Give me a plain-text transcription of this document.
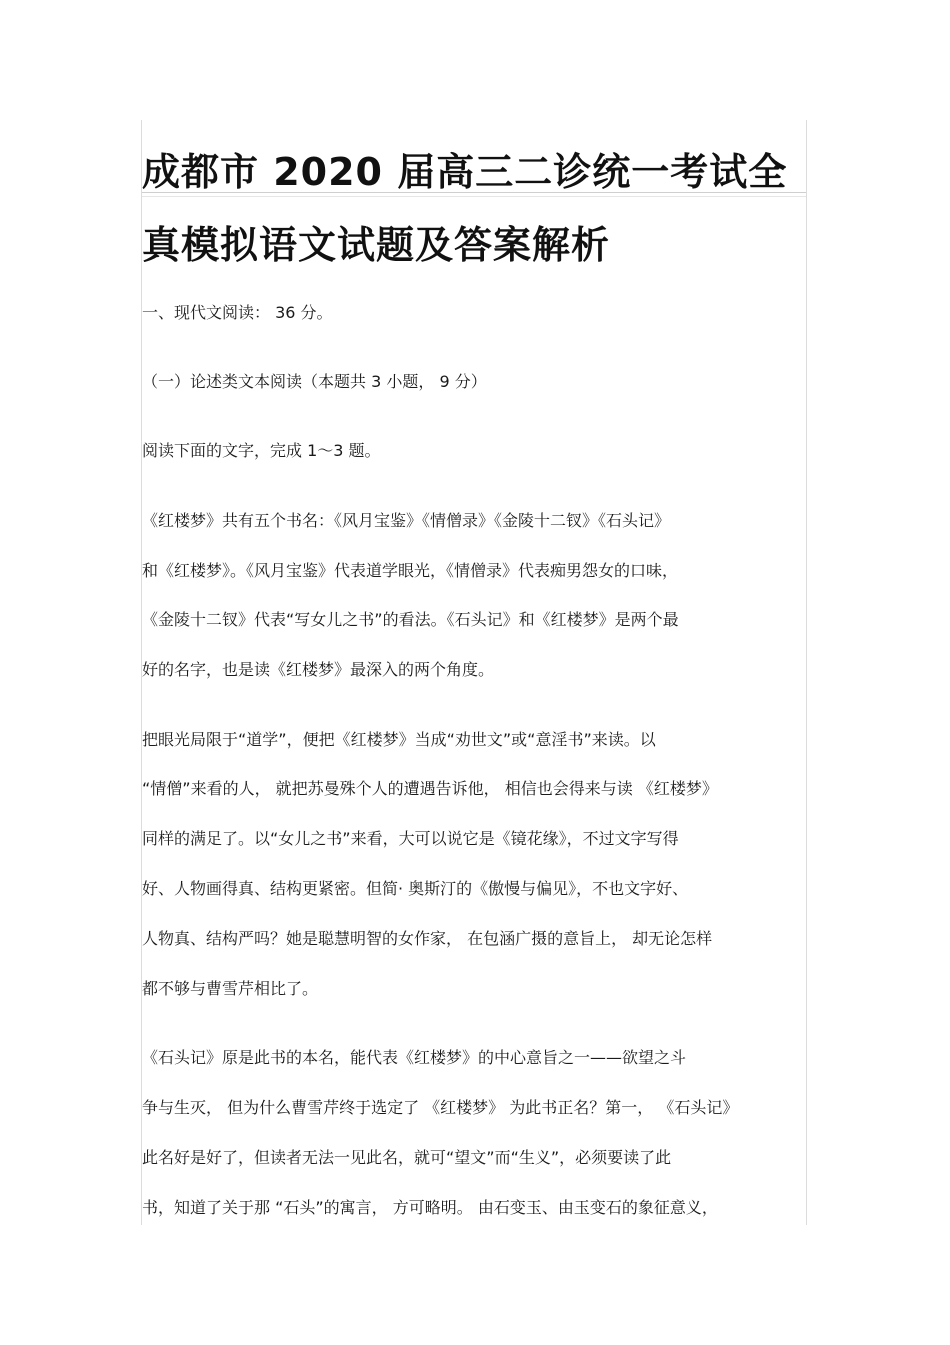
成都市 2020 届高三二诊统一考试全
真模拟语文试题及答案解析
一、现代文阅读： 36 分。
（一）论述类文本阅读（本题共 3 小题， 9 分）
阅读下面的文字，完成 1～3 题。
《红楼梦》共有五个书名：《风月宝鉴》《情僧录》《金陵十二钗》《石头记》
和《红楼梦》。《风月宝鉴》代表道学眼光，《情僧录》代表痴男怨女的口味，
《金陵十二钗》代表“写女儿之书”的看法。《石头记》和《红楼梦》是两个最
好的名字，也是读《红楼梦》最深入的两个角度。
把眼光局限于“道学”，便把《红楼梦》当成“劝世文”或“意淫书”来读。以
“情僧”来看的人， 就把苏曼殊个人的遭遇告诉他， 相信也会得来与读 《红楼梦》
同样的满足了。以“女儿之书”来看，大可以说它是《镜花缘》，不过文字写得
好、人物画得真、结构更紧密。但简· 奥斯汀的《傲慢与偏见》，不也文字好、
人物真、结构严吗？她是聪慧明智的女作家， 在包涵广摄的意旨上， 却无论怎样
都不够与曹雪芹相比了。
《石头记》原是此书的本名，能代表《红楼梦》的中心意旨之一——欲望之斗
争与生灭， 但为什么曹雪芹终于选定了 《红楼梦》 为此书正名？第一， 《石头记》
此名好是好了，但读者无法一见此名，就可“望文”而“生义”，必须要读了此
书，知道了关于那 “石头”的寓言， 方可略明。 由石变玉、由玉变石的象征意义，
